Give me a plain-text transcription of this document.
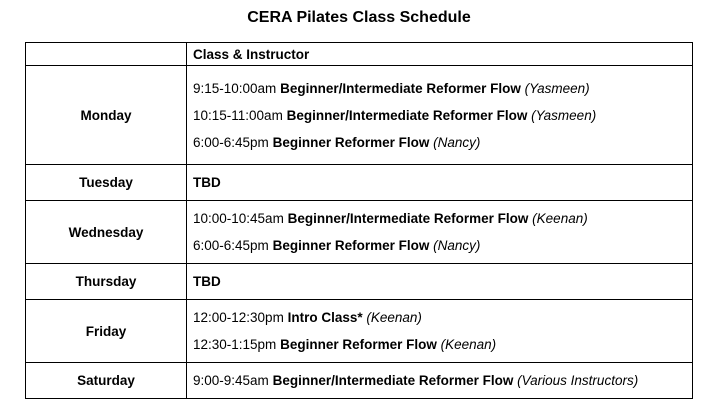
CERA Pilates Class Schedule
	Class & Instructor
Monday	9:15-10:00am Beginner/Intermediate Reformer Flow (Yasmeen)
10:15-11:00am Beginner/Intermediate Reformer Flow (Yasmeen)
6:00-6:45pm Beginner Reformer Flow (Nancy)

Tuesday	TBD

Wednesday	10:00-10:45am Beginner/Intermediate Reformer Flow (Keenan)
6:00-6:45pm Beginner Reformer Flow (Nancy)

Thursday	TBD

Friday	12:00-12:30pm Intro Class* (Keenan)
12:30-1:15pm Beginner Reformer Flow (Keenan)

Saturday	9:00-9:45am Beginner/Intermediate Reformer Flow (Various Instructors)
